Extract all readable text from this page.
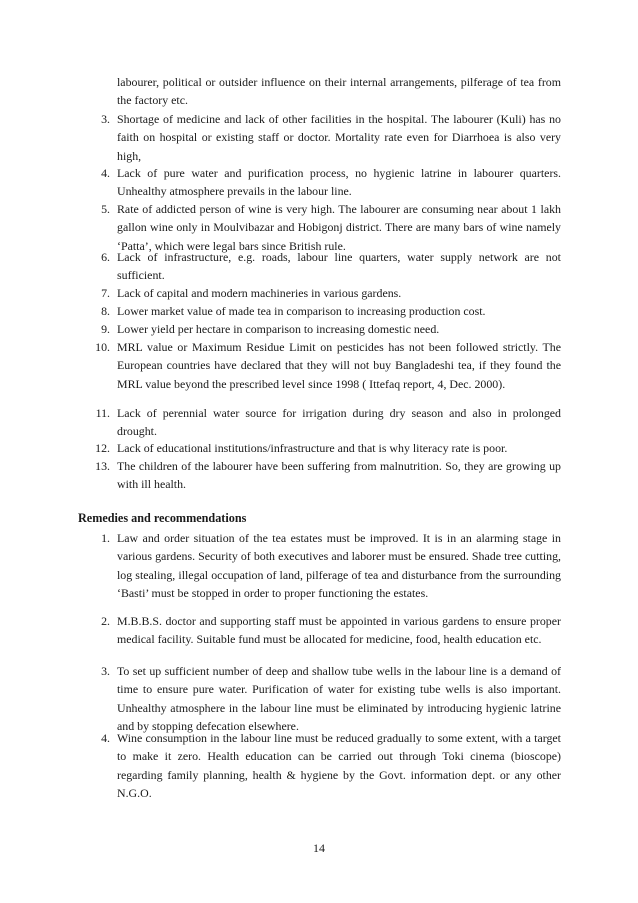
labourer, political or outsider influence on their internal arrangements, pilferage of tea from the factory etc.
3. Shortage of medicine and lack of other facilities in the hospital. The labourer (Kuli) has no faith on hospital or existing staff or doctor. Mortality rate even for Diarrhoea is also very high,
4. Lack of pure water and purification process, no hygienic latrine in labourer quarters. Unhealthy atmosphere prevails in the labour line.
5. Rate of addicted person of wine is very high. The labourer are consuming near about 1 lakh gallon wine only in Moulvibazar and Hobigonj district. There are many bars of wine namely ‘Patta’, which were legal bars since British rule.
6. Lack of infrastructure, e.g. roads, labour line quarters, water supply network are not sufficient.
7. Lack of capital and modern machineries in various gardens.
8. Lower market value of made tea in comparison to increasing production cost.
9. Lower yield per hectare in comparison to increasing domestic need.
10. MRL value or Maximum Residue Limit on pesticides has not been followed strictly. The European countries have declared that they will not buy Bangladeshi tea, if they found the MRL value beyond the prescribed level since 1998 ( Ittefaq report, 4, Dec. 2000).
11. Lack of perennial water source for irrigation during dry season and also in prolonged drought.
12. Lack of educational institutions/infrastructure and that is why literacy rate is poor.
13. The children of the labourer have been suffering from malnutrition. So, they are growing up with ill health.
Remedies and recommendations
1. Law and order situation of the tea estates must be improved. It is in an alarming stage in various gardens. Security of both executives and laborer must be ensured. Shade tree cutting, log stealing, illegal occupation of land, pilferage of tea and disturbance from the surrounding ‘Basti’ must be stopped in order to proper functioning the estates.
2. M.B.B.S. doctor and supporting staff must be appointed in various gardens to ensure proper medical facility. Suitable fund must be allocated for medicine, food, health education etc.
3. To set up sufficient number of deep and shallow tube wells in the labour line is a demand of time to ensure pure water. Purification of water for existing tube wells is also important. Unhealthy atmosphere in the labour line must be eliminated by introducing hygienic latrine and by stopping defecation elsewhere.
4. Wine consumption in the labour line must be reduced gradually to some extent, with a target to make it zero. Health education can be carried out through Toki cinema (bioscope) regarding family planning, health & hygiene by the Govt. information dept. or any other N.G.O.
14
